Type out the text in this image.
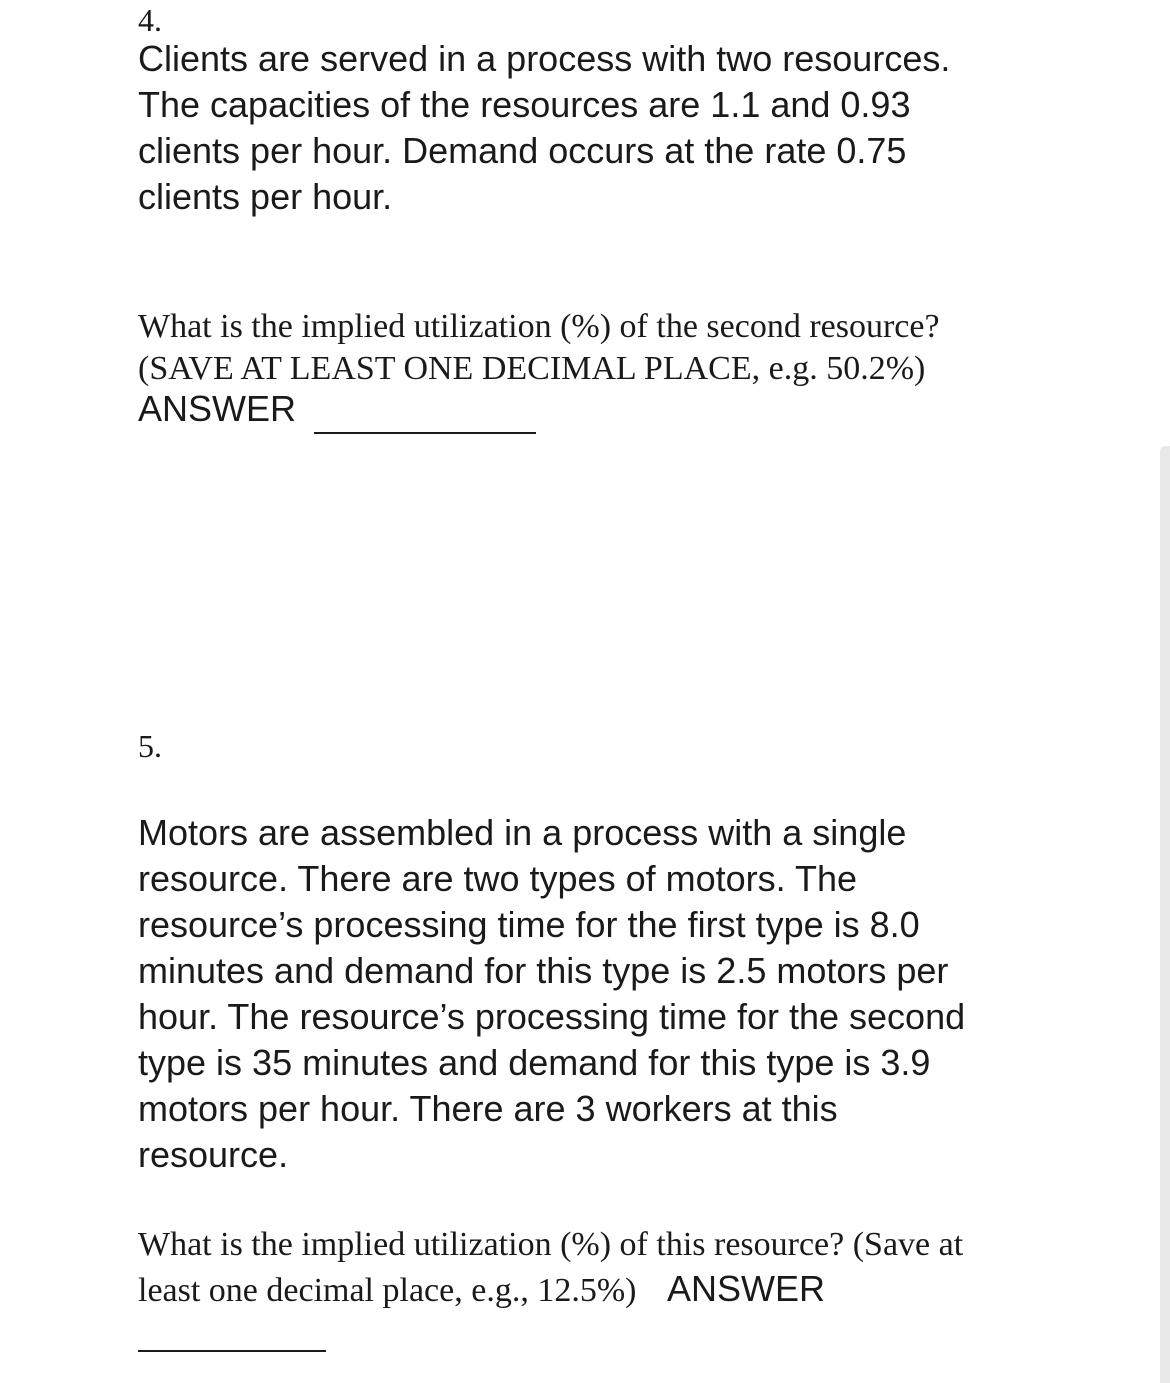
4.
Clients are served in a process with two resources.
The capacities of the resources are 1.1 and 0.93
clients per hour. Demand occurs at the rate 0.75
clients per hour.
What is the implied utilization (%) of the second resource?
(SAVE AT LEAST ONE DECIMAL PLACE, e.g. 50.2%)
ANSWER
5.
Motors are assembled in a process with a single
resource. There are two types of motors. The
resource’s processing time for the first type is 8.0
minutes and demand for this type is 2.5 motors per
hour. The resource’s processing time for the second
type is 35 minutes and demand for this type is 3.9
motors per hour. There are 3 workers at this
resource.
What is the implied utilization (%) of this resource? (Save at
least one decimal place, e.g., 12.5%) ANSWER
